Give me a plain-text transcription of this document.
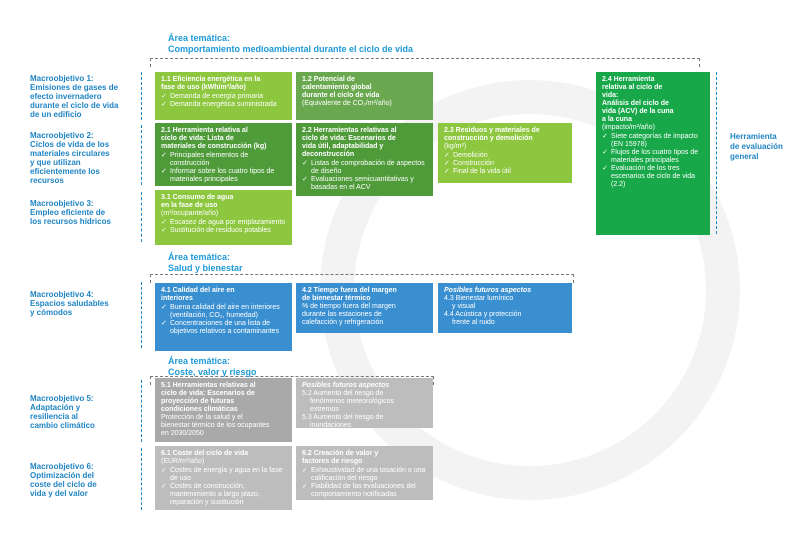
Área temática:
Comportamiento medioambiental durante el ciclo de vida
Área temática:
Salud y bienestar
Área temática:
Coste, valor y riesgo
Macroobjetivo 1:
Emisiones de gases de
efecto invernadero
durante el ciclo de vida
de un edificio
Macroobjetivo 2:
Ciclos de vida de los
materiales circulares
y que utilizan
eficientemente los
recursos
Macroobjetivo 3:
Empleo eficiente de
los recursos hídricos
Macroobjetivo 4:
Espacios saludables
y cómodos
Macroobjetivo 5:
Adaptación y
resiliencia al
cambio climático
Macroobjetivo 6:
Optimización del
coste del ciclo de
vida y del valor
Herramienta
de evaluación
general
1.1 Eficiencia energética en la
fase de uso (kWh/m²/año)
✓ Demanda de energía primaria
✓ Demanda energética suministrada
1.2 Potencial de
calentamiento global
durante el ciclo de vida
(Equivalente de CO₂/m²/año)
2.1 Herramienta relativa al
ciclo de vida: Lista de
materiales de construcción (kg)
✓ Principales elementos de construcción
✓ Informar sobre los cuatro tipos de materiales principales
2.2 Herramientas relativas al
ciclo de vida: Escenarios de
vida útil, adaptabilidad y
deconstrucción
✓ Listas de comprobación de aspectos de diseño
✓ Evaluaciones semicuantitativas y basadas en el ACV
2.3 Residuos y materiales de
construcción y demolición
(kg/m²)
✓ Demolición
✓ Construcción
✓ Final de la vida útil
2.4 Herramienta
relativa al ciclo de
vida:
Análisis del ciclo de
vida (ACV) de la cuna
a la cuna
(impacto/m²/año)
✓ Siete categorías de impacto (EN 15978)
✓ Flujos de los cuatro tipos de materiales principales
✓ Evaluación de los tres escenarios de ciclo de vida (2.2)
3.1 Consumo de agua
en la fase de uso
(m³/ocupante/año)
✓ Escasez de agua por emplazamiento
✓ Sustitución de residuos potables
4.1 Calidad del aire en
interiores
✓ Buena calidad del aire en interiores (ventilación, CO₂, humedad)
✓ Concentraciones de una lista de objetivos relativos a contaminantes
4.2 Tiempo fuera del margen
de bienestar térmico
% de tiempo fuera del margen
durante las estaciones de
calefacción y refrigeración
Posibles futuros aspectos
4.3 Bienestar lumínico
y visual
4.4 Acústica y protección
frente al ruido
5.1 Herramientas relativas al
ciclo de vida: Escenarios de
proyección de futuras
condiciones climáticas
Protección de la salud y el
bienestar térmico de los ocupantes
en 2030/2050
Posibles futuros aspectos
5.2 Aumento del riesgo de
fenómenos meteorológicos
extremos
5.3 Aumento del riesgo de
inundaciones
6.1 Coste del ciclo de vida
(EUR/m²/año)
✓ Costes de energía y agua en la fase de uso
✓ Costes de construcción, mantenimiento a largo plazo, reparación y sustitución
6.2 Creación de valor y
factores de riesgo
✓ Exhaustividad de una tasación o una calificación del riesgo
✓ Fiabilidad de las evaluaciones del comportamiento notificadas
